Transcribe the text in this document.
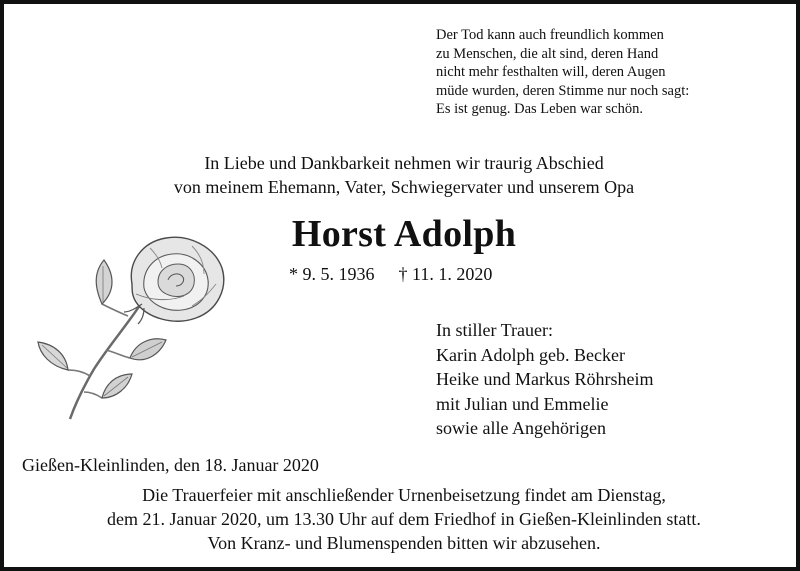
Der Tod kann auch freundlich kommen
zu Menschen, die alt sind, deren Hand
nicht mehr festhalten will, deren Augen
müde wurden, deren Stimme nur noch sagt:
Es ist genug. Das Leben war schön.
In Liebe und Dankbarkeit nehmen wir traurig Abschied
von meinem Ehemann, Vater, Schwiegervater und unserem Opa
Horst Adolph
* 9. 5. 1936 † 11. 1. 2020
In stiller Trauer:
Karin Adolph geb. Becker
Heike und Markus Röhrsheim
mit Julian und Emmelie
sowie alle Angehörigen
Gießen-Kleinlinden, den 18. Januar 2020
Die Trauerfeier mit anschließender Urnenbeisetzung findet am Dienstag,
dem 21. Januar 2020, um 13.30 Uhr auf dem Friedhof in Gießen-Kleinlinden statt.
Von Kranz- und Blumenspenden bitten wir abzusehen.
